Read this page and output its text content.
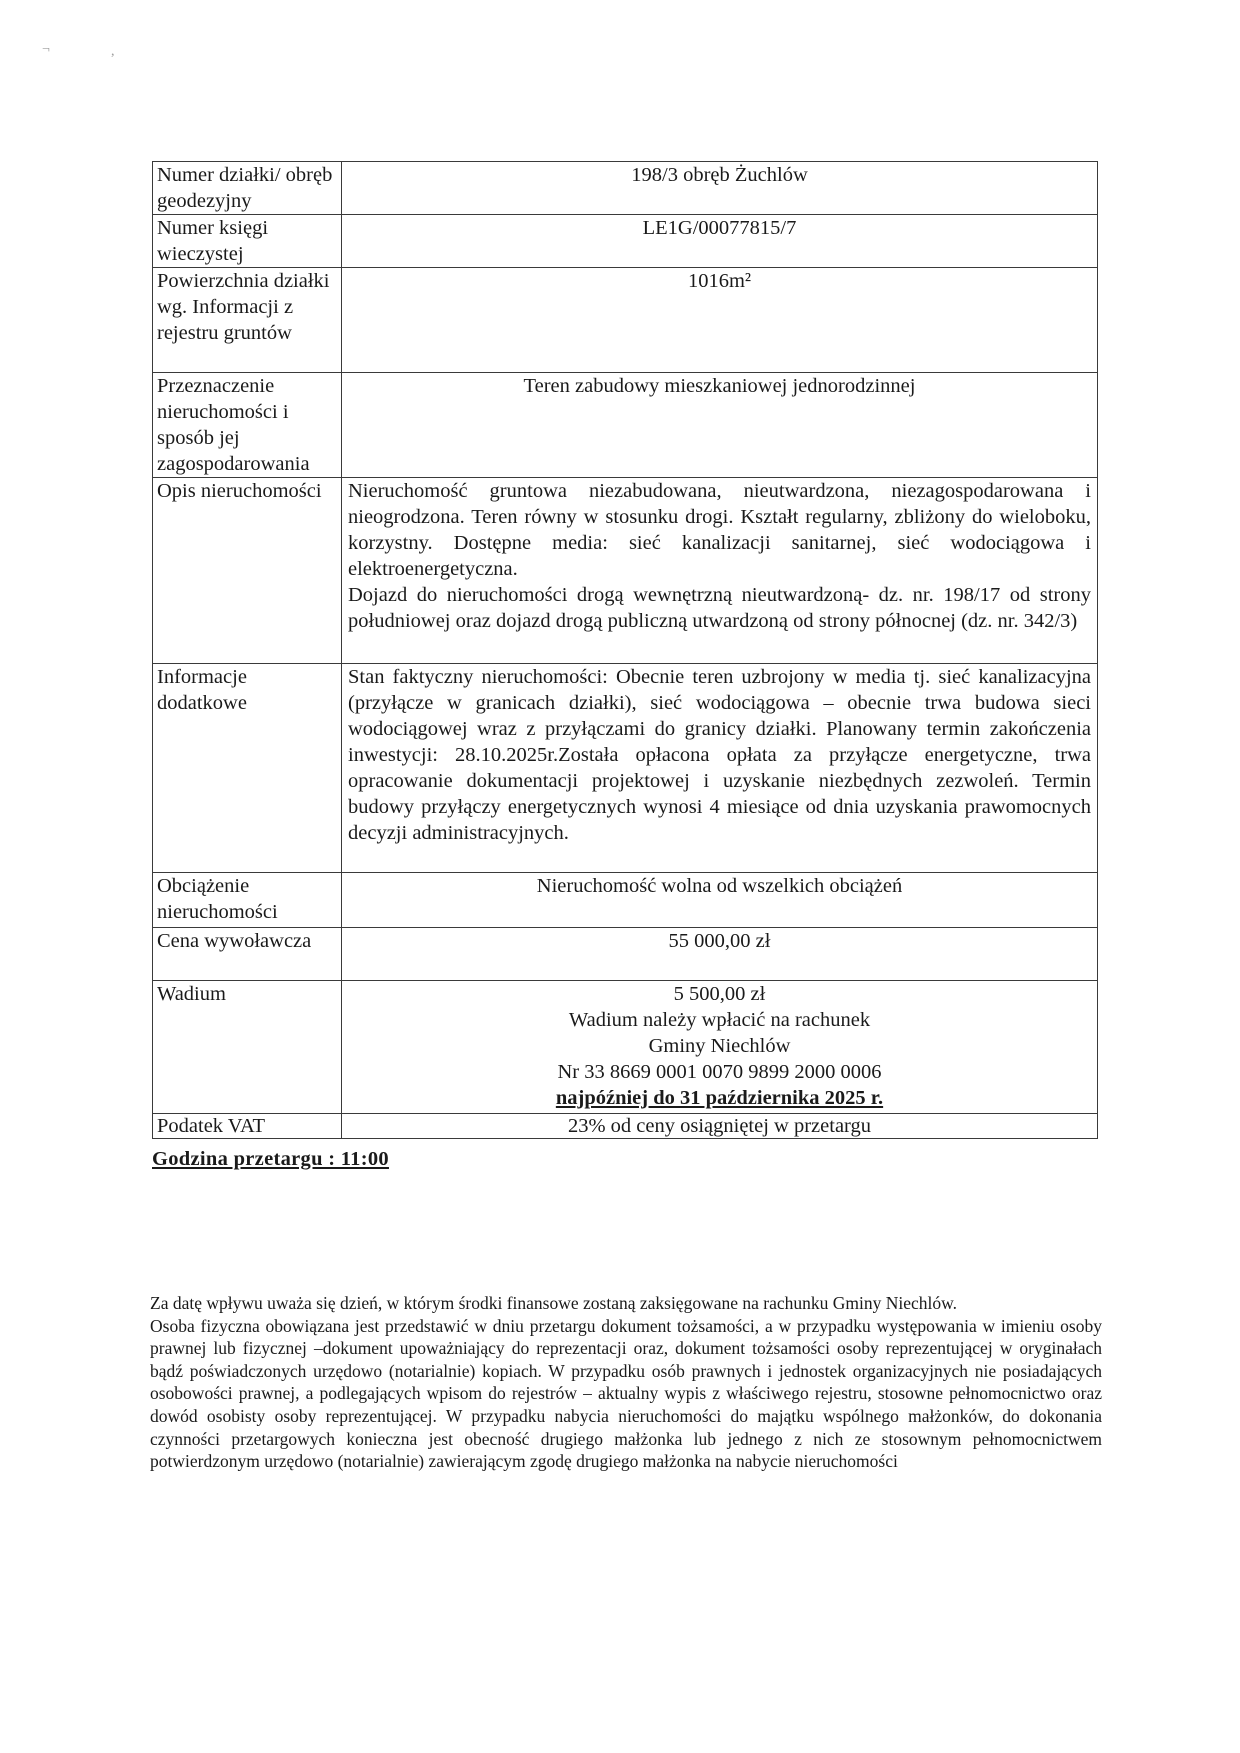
¬	,
Numer działki/ obręb geodezyjny	198/3 obręb Żuchlów
Numer księgi wieczystej	LE1G/00077815/7
Powierzchnia działki wg. Informacji z rejestru gruntów	1016m²
Przeznaczenie nieruchomości i sposób jej zagospodarowania	Teren zabudowy mieszkaniowej jednorodzinnej
Opis nieruchomości	Nieruchomość gruntowa niezabudowana, nieutwardzona, niezagospodarowana i nieogrodzona. Teren równy w stosunku drogi. Kształt regularny, zbliżony do wieloboku, korzystny. Dostępne media: sieć kanalizacji sanitarnej, sieć wodociągowa i elektroenergetyczna.
Dojazd do nieruchomości drogą wewnętrzną nieutwardzoną- dz. nr. 198/17 od strony południowej oraz dojazd drogą publiczną utwardzoną od strony północnej (dz. nr. 342/3)

Informacje dodatkowe	Stan faktyczny nieruchomości: Obecnie teren uzbrojony w media tj. sieć kanalizacyjna (przyłącze w granicach działki), sieć wodociągowa – obecnie trwa budowa sieci wodociągowej wraz z przyłączami do granicy działki. Planowany termin zakończenia inwestycji: 28.10.2025r.Została opłacona opłata za przyłącze energetyczne, trwa opracowanie dokumentacji projektowej i uzyskanie niezbędnych zezwoleń. Termin budowy przyłączy energetycznych wynosi 4 miesiące od dnia uzyskania prawomocnych decyzji administracyjnych.

Obciążenie nieruchomości	Nieruchomość wolna od wszelkich obciążeń
Cena wywoławcza	55 000,00 zł
Wadium	5 500,00 zł
Wadium należy wpłacić na rachunek
Gminy Niechlów
Nr 33 8669 0001 0070 9899 2000 0006
najpóźniej do 31 października 2025 r.

Podatek VAT	23% od ceny osiągniętej w przetargu
Godzina przetargu : 11:00

Za datę wpływu uważa się dzień, w którym środki finansowe zostaną zaksięgowane na rachunku Gminy Niechlów.

Osoba fizyczna obowiązana jest przedstawić w dniu przetargu dokument tożsamości, a w przypadku występowania w imieniu osoby prawnej lub fizycznej –dokument upoważniający do reprezentacji oraz, dokument tożsamości osoby reprezentującej w oryginałach bądź poświadczonych urzędowo (notarialnie) kopiach. W przypadku osób prawnych i jednostek organizacyjnych nie posiadających osobowości prawnej, a podlegających wpisom do rejestrów – aktualny wypis z właściwego rejestru, stosowne pełnomocnictwo oraz dowód osobisty osoby reprezentującej. W przypadku nabycia nieruchomości do majątku wspólnego małżonków, do dokonania czynności przetargowych konieczna jest obecność drugiego małżonka lub jednego z nich ze stosownym pełnomocnictwem potwierdzonym urzędowo (notarialnie) zawierającym zgodę drugiego małżonka na nabycie nieruchomości
